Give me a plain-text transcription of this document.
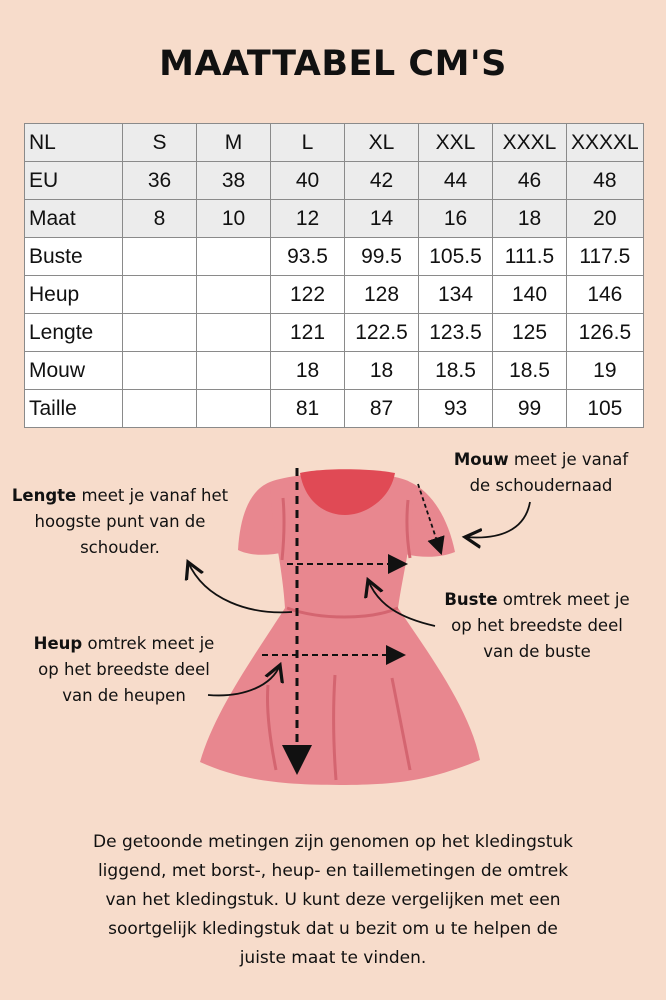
MAATTABEL CM'S
NL	S	M	L	XL	XXL	XXXL	XXXXL
EU	36	38	40	42	44	46	48
Maat	8	10	12	14	16	18	20
Buste			93.5	99.5	105.5	111.5	117.5
Heup			122	128	134	140	146
Lengte			121	122.5	123.5	125	126.5
Mouw			18	18	18.5	18.5	19
Taille			81	87	93	99	105
Lengte meet je vanaf het
hoogste punt van de
schouder.
Mouw meet je vanaf
de schoudernaad
Buste omtrek meet je
op het breedste deel
van de buste
Heup omtrek meet je
op het breedste deel
van de heupen
De getoonde metingen zijn genomen op het kledingstuk
liggend, met borst-, heup- en taillemetingen de omtrek
van het kledingstuk. U kunt deze vergelijken met een
soortgelijk kledingstuk dat u bezit om u te helpen de
juiste maat te vinden.
